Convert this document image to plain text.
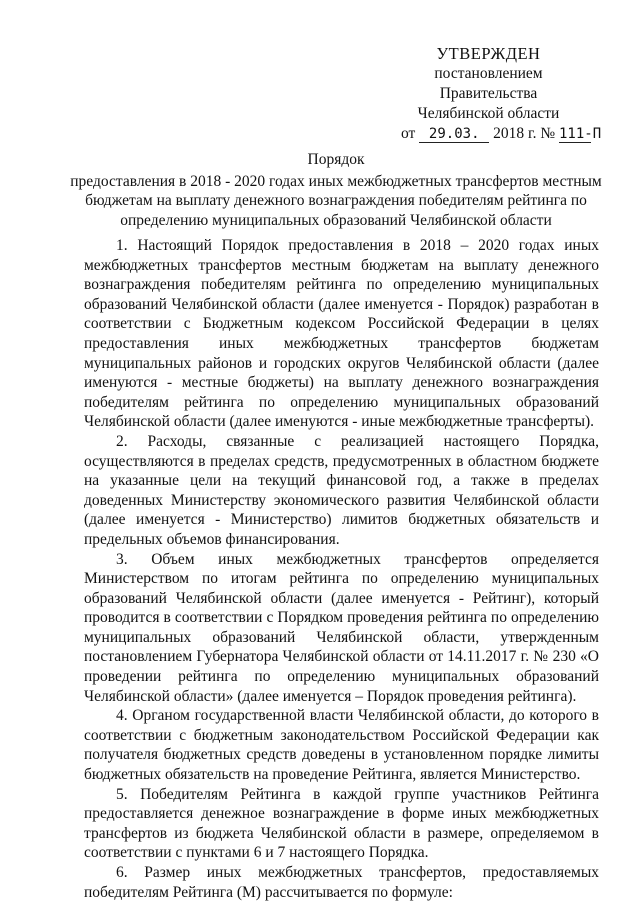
УТВЕРЖДЕН
постановлением Правительства
Челябинской области
от 29.03. 2018 г. № 111-П
Порядок
предоставления в 2018 - 2020 годах иных межбюджетных трансфертов местным бюджетам на выплату денежного вознаграждения победителям рейтинга по определению муниципальных образований Челябинской области

1. Настоящий Порядок предоставления в 2018 – 2020 годах иных межбюджетных трансфертов местным бюджетам на выплату денежного вознаграждения победителям рейтинга по определению муниципальных образований Челябинской области (далее именуется - Порядок) разработан в соответствии с Бюджетным кодексом Российской Федерации в целях предоставления иных межбюджетных трансфертов бюджетам муниципальных районов и городских округов Челябинской области (далее именуются - местные бюджеты) на выплату денежного вознаграждения победителям рейтинга по определению муниципальных образований Челябинской области (далее именуются - иные межбюджетные трансферты).

2. Расходы, связанные с реализацией настоящего Порядка, осуществляются в пределах средств, предусмотренных в областном бюджете на указанные цели на текущий финансовой год, а также в пределах доведенных Министерству экономического развития Челябинской области (далее именуется - Министерство) лимитов бюджетных обязательств и предельных объемов финансирования.

3. Объем иных межбюджетных трансфертов определяется Министерством по итогам рейтинга по определению муниципальных образований Челябинской области (далее именуется - Рейтинг), который проводится в соответствии с Порядком проведения рейтинга по определению муниципальных образований Челябинской области, утвержденным постановлением Губернатора Челябинской области от 14.11.2017 г. № 230 «О проведении рейтинга по определению муниципальных образований Челябинской области» (далее именуется – Порядок проведения рейтинга).

4. Органом государственной власти Челябинской области, до которого в соответствии с бюджетным законодательством Российской Федерации как получателя бюджетных средств доведены в установленном порядке лимиты бюджетных обязательств на проведение Рейтинга, является Министерство.

5. Победителям Рейтинга в каждой группе участников Рейтинга предоставляется денежное вознаграждение в форме иных межбюджетных трансфертов из бюджета Челябинской области в размере, определяемом в соответствии с пунктами 6 и 7 настоящего Порядка.

6. Размер иных межбюджетных трансфертов, предоставляемых победителям Рейтинга (М) рассчитывается по формуле:
